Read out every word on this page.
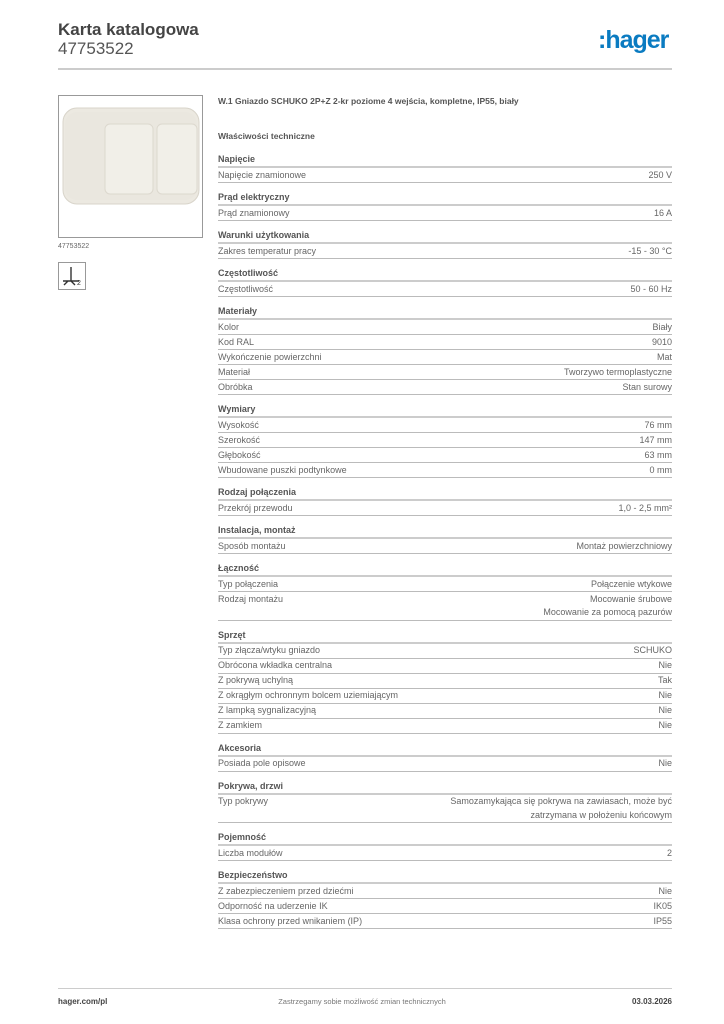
Karta katalogowa
47753522	:hager
47753522
2
W.1 Gniazdo SCHUKO 2P+Z 2-kr poziome 4 wejścia, kompletne, IP55, biały
Właściwości techniczne
Napięcie
Napięcie znamionowe	250 V
Prąd elektryczny
Prąd znamionowy	16 A
Warunki użytkowania
Zakres temperatur pracy	-15 - 30 °C
Częstotliwość
Częstotliwość	50 - 60 Hz
Materiały
Kolor	Biały
Kod RAL	9010
Wykończenie powierzchni	Mat
Materiał	Tworzywo termoplastyczne
Obróbka	Stan surowy
Wymiary
Wysokość	76 mm
Szerokość	147 mm
Głębokość	63 mm
Wbudowane puszki podtynkowe	0 mm
Rodzaj połączenia
Przekrój przewodu	1,0 - 2,5 mm²
Instalacja, montaż
Sposób montażu	Montaż powierzchniowy
Łączność
Typ połączenia	Połączenie wtykowe
Rodzaj montażu	Mocowanie śrubowe
Mocowanie za pomocą pazurów
Sprzęt
Typ złącza/wtyku gniazdo	SCHUKO
Obrócona wkładka centralna	Nie
Z pokrywą uchylną	Tak
Z okrągłym ochronnym bolcem uziemiającym	Nie
Z lampką sygnalizacyjną	Nie
Z zamkiem	Nie
Akcesoria
Posiada pole opisowe	Nie
Pokrywa, drzwi
Typ pokrywy	Samozamykająca się pokrywa na zawiasach, może być
zatrzymana w położeniu końcowym
Pojemność
Liczba modułów	2
Bezpieczeństwo
Z zabezpieczeniem przed dziećmi	Nie
Odporność na uderzenie IK	IK05
Klasa ochrony przed wnikaniem (IP)	IP55
hager.com/pl	Zastrzegamy sobie możliwość zmian technicznych	03.03.2026
